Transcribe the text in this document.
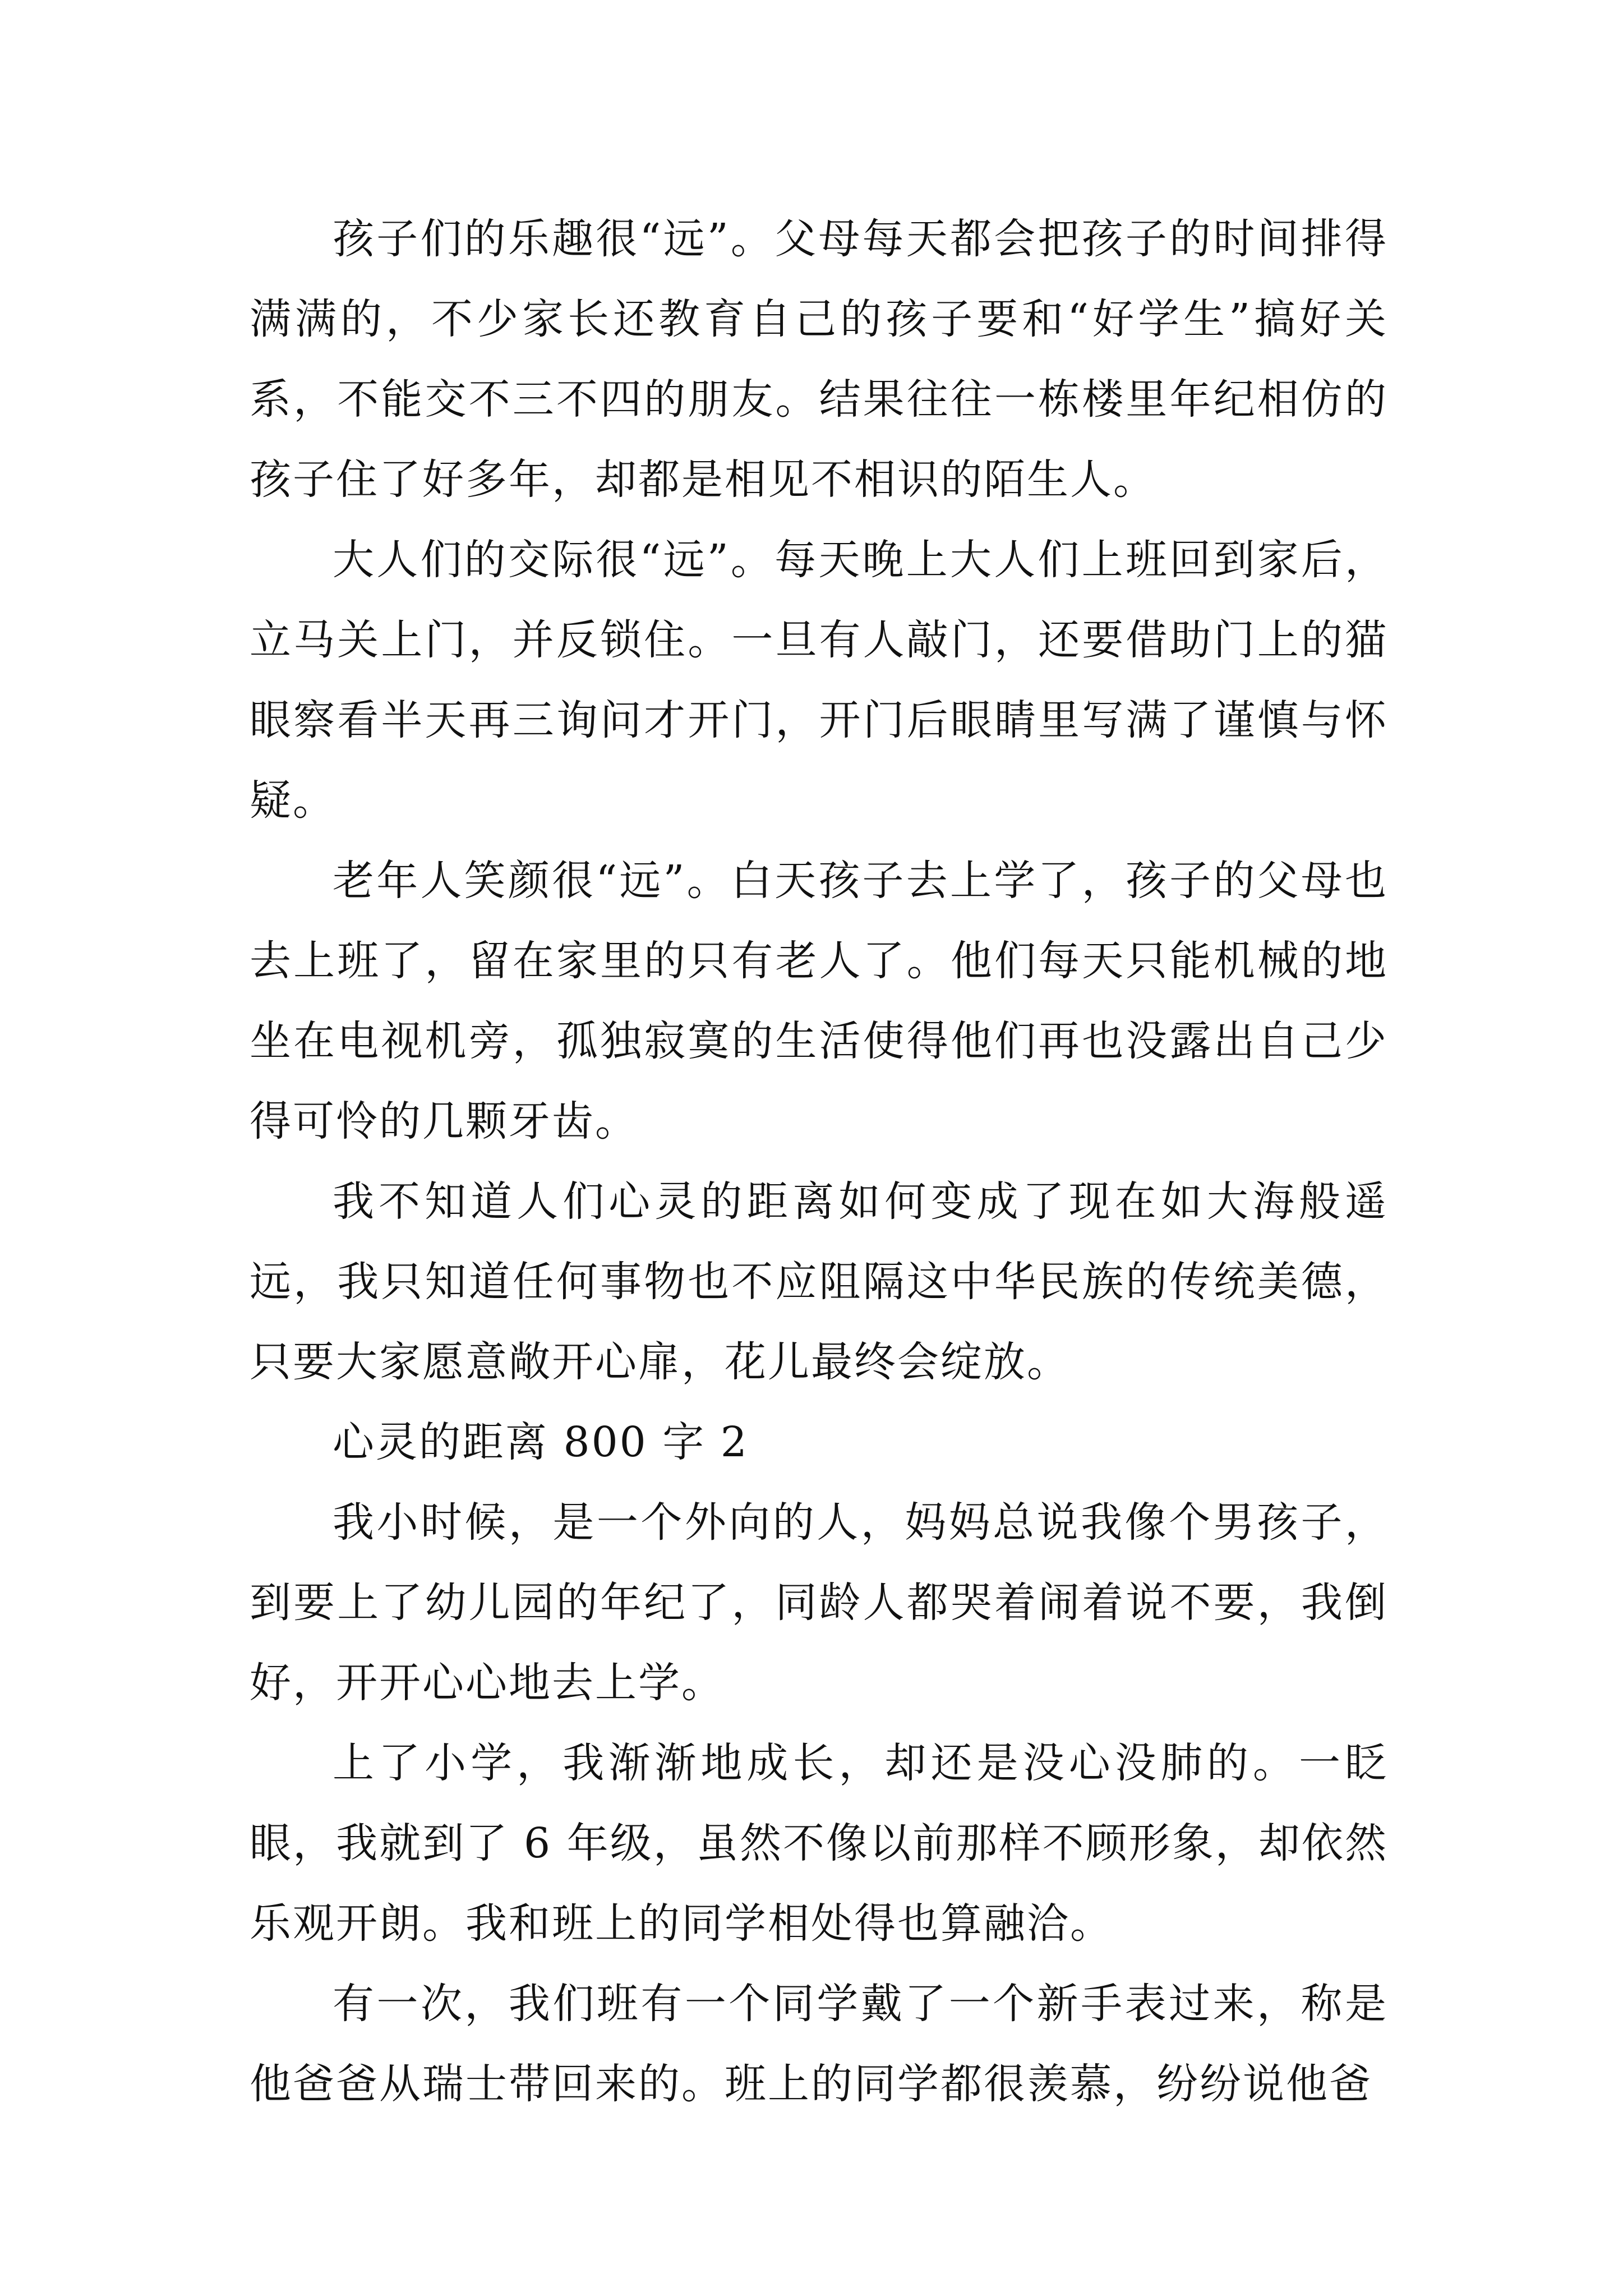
孩子们的乐趣很“远”。父母每天都会把孩子的时间排得满满的，不少家长还教育自己的孩子要和“好学生”搞好关系，不能交不三不四的朋友。结果往往一栋楼里年纪相仿的孩子住了好多年，却都是相见不相识的陌生人。

大人们的交际很“远”。每天晚上大人们上班回到家后，立马关上门，并反锁住。一旦有人敲门，还要借助门上的猫眼察看半天再三询问才开门，开门后眼睛里写满了谨慎与怀疑。

老年人笑颜很“远”。白天孩子去上学了，孩子的父母也去上班了，留在家里的只有老人了。他们每天只能机械的地坐在电视机旁，孤独寂寞的生活使得他们再也没露出自己少得可怜的几颗牙齿。

我不知道人们心灵的距离如何变成了现在如大海般遥远，我只知道任何事物也不应阻隔这中华民族的传统美德，只要大家愿意敞开心扉，花儿最终会绽放。

心灵的距离 800 字 2

我小时候，是一个外向的人，妈妈总说我像个男孩子，到要上了幼儿园的年纪了，同龄人都哭着闹着说不要，我倒好，开开心心地去上学。

上了小学，我渐渐地成长，却还是没心没肺的。一眨眼，我就到了 6 年级，虽然不像以前那样不顾形象，却依然乐观开朗。我和班上的同学相处得也算融洽。

有一次，我们班有一个同学戴了一个新手表过来，称是他爸爸从瑞士带回来的。班上的同学都很羡慕，纷纷说他爸
